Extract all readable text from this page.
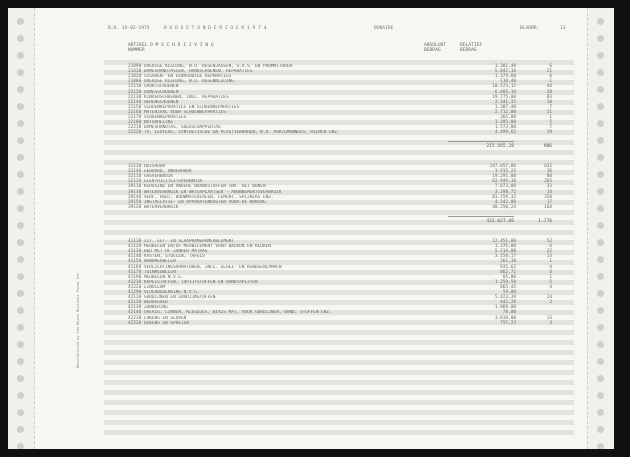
Manufactured by the Moore Business Forms Inc.
B.D. 19-02-1975	B U D G E T O N D E R Z O E K 1 9 7 4	BONAIRE	BLADNR.	13
ARTIKEL
NUMMER
O M S C H R I J V I N G	ABSOLUUT
BEDRAG
RELATIEF
BEDRAG
21090 OVERIGE KLEDING, W.O. REGENJASSEN, S.V.S. EN PROMMITUREN	1.381,40	6
21410 DAMESHANDTASSEN, HANDSCHOENEN, REPARATIES	5.042,16	21
21020 SIGAREN- EN EENVOUDIGE REPARATIES	1.379,60	6
21080 OVERIGE KLEDING, W.O. REGENKLEDING	110,40	1
22110 SPORTSCHOENEN	10.573,12	44
22120 DAMESSCHOENEN	6.666,16	28
22130 KINDERSCHOENEN, INCL. REPARATIES	19.775,00	83
22140 HERENSCHOENEN	2.341,32	10
22150 SCHOENREPARATIES EN SCHOENREPARATIES	1.307,40	7
22160 MATERIAAL VOOR SCHOENREPARATIES	2.712,00	11
22170 SCHOENREPARATIES	365,00	1
22180 NATUURLIJKE	1.395,00	5
22210 DAMESHANDTAS, GOEDSCHAPPERTAS	1.573,00	7
22220 TV, LEUFERS, SYNTHETISCHE EN PLASTIEKWAREN, W.O. PORTEMONNEES, RIEMEN ENZ.	4.499,62	19
215.565,28	906
31110 HUISHUUR	147.057,86	632
31140 GEHUURD, ONDERHUUR	3.915,22	16
32110 GASVERBRUIK	19.291,00	80
32120 ELEKTRICITEITSVERBRUIK	62.949,16	265
39110 KEROSINE EN ANDERE BRANDSTOFFEN INV. HET WONEN	7.873,00	33
39130 WATERVERBRUIK EN WATERPLAATSEN - ABONNEMENTSVERBRUIK	3.298,72	14
39140 VERF, HOUT, BOUWMATERIALEN, CEMENT, SPIJKERS ENZ.	83.159,32	350
39150 INSTALLATIE- EN APPARATENKOSTEN VOOR DE WONING	4.142,00	17
39120 WATERVERBRUIK	40.250,24	168
422.027,66	1.776
41110 ZIT, EET- EN SLAAPKAMERAMEUBLEMENT	12.451,00	52
41120 MEUBELEN EN/OF MEUBILEMENT VOOR BALKON EN KEUKEN	1.376,00	6
41130 BED MET OF ZONDER MATRAS	5.214,00	22
41140 KASTEN, STOELEN, TAFELS	3.150,17	13
41150 WANDMEUBELEN	261,30	1
41160 VERLICHTINGSARMATUREN, INCL. GLOEI- EN KENDSENLAMPEN	935,62	4
41170 TUINMEUBELEN	862,72	4
41190 MEUBELEN N.V.G.	65,00	1
41210 KAPELSTOFFEN, TAPIJTSTOFFEN EN HANDTAPIJTEN	1.259,50	5
41220 LINOLEUM	865,45	4
41290 VLOERBEDEKKING N.V.G.	59,00
42110 GORDIJNEN EN GORDIJNSTOFFEN	5.423,39	24
42120 BEDDEGOED	442,20	2
42130 ZONWERING	1.060,00
42140 OVERIG, LINNEN, KLEEDJES, BIAIS MAT, VOOR GORDIJNEN, BOND, STOFFEN ENZ.	78,00
42210 LAKENS EN SLOPEN	3.018,00	13
42220 DEKENS EN SPREIEN	755,23	3
